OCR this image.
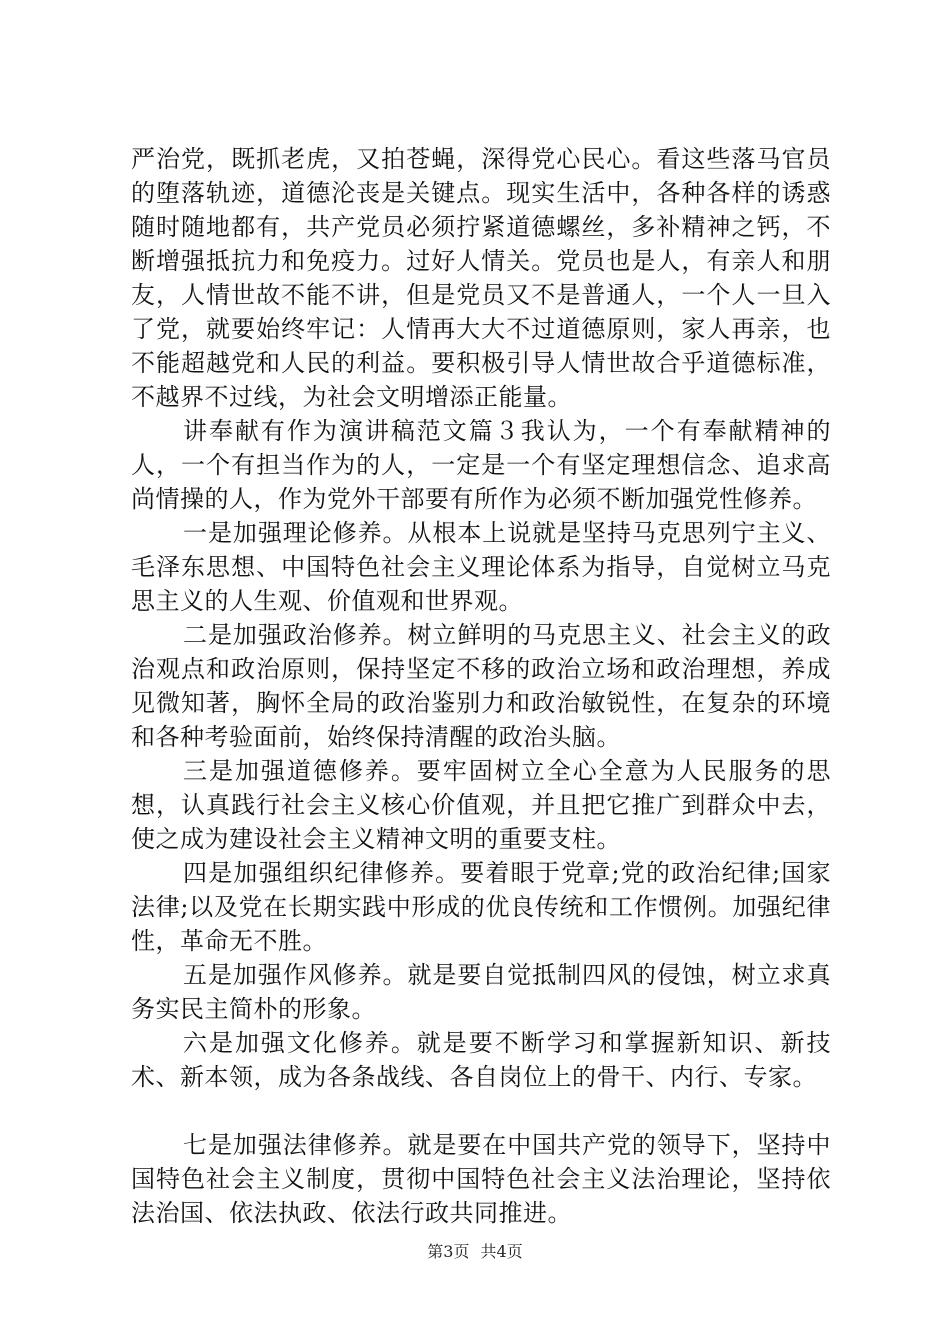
严治党，既抓老虎，又拍苍蝇，深得党心民心。看这些落马官员的堕落轨迹，道德沦丧是关键点。现实生活中，各种各样的诱惑随时随地都有，共产党员必须拧紧道德螺丝，多补精神之钙，不断增强抵抗力和免疫力。过好人情关。党员也是人，有亲人和朋友，人情世故不能不讲，但是党员又不是普通人，一个人一旦入了党，就要始终牢记：人情再大大不过道德原则，家人再亲，也不能超越党和人民的利益。要积极引导人情世故合乎道德标准，不越界不过线，为社会文明增添正能量。

讲奉献有作为演讲稿范文篇３我认为，一个有奉献精神的人，一个有担当作为的人，一定是一个有坚定理想信念、追求高尚情操的人，作为党外干部要有所作为必须不断加强党性修养。

一是加强理论修养。从根本上说就是坚持马克思列宁主义、毛泽东思想、中国特色社会主义理论体系为指导，自觉树立马克思主义的人生观、价值观和世界观。

二是加强政治修养。树立鲜明的马克思主义、社会主义的政治观点和政治原则，保持坚定不移的政治立场和政治理想，养成见微知著，胸怀全局的政治鉴别力和政治敏锐性，在复杂的环境和各种考验面前，始终保持清醒的政治头脑。

三是加强道德修养。要牢固树立全心全意为人民服务的思想，认真践行社会主义核心价值观，并且把它推广到群众中去，使之成为建设社会主义精神文明的重要支柱。

四是加强组织纪律修养。要着眼于党章;党的政治纪律;国家法律;以及党在长期实践中形成的优良传统和工作惯例。加强纪律性，革命无不胜。

五是加强作风修养。就是要自觉抵制四风的侵蚀，树立求真务实民主简朴的形象。

六是加强文化修养。就是要不断学习和掌握新知识、新技术、新本领，成为各条战线、各自岗位上的骨干、内行、专家。

七是加强法律修养。就是要在中国共产党的领导下，坚持中国特色社会主义制度，贯彻中国特色社会主义法治理论，坚持依法治国、依法执政、依法行政共同推进。

第3页 共4页
